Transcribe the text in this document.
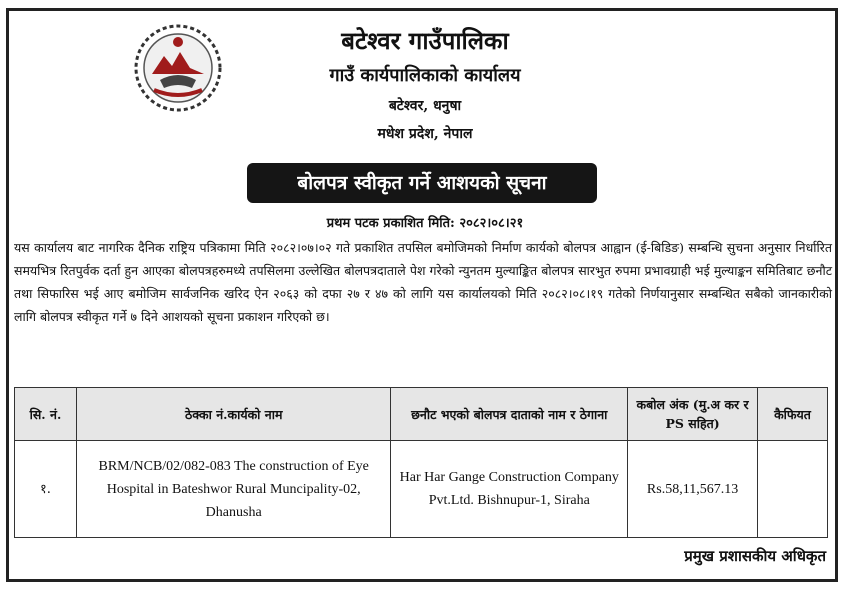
बटेश्वर गाउँपालिका
गाउँ कार्यपालिकाको कार्यालय
बटेश्वर, धनुषा
मधेश प्रदेश, नेपाल
बोलपत्र स्वीकृत गर्ने आशयको सूचना
प्रथम पटक प्रकाशित मिति: २०८२।०८।२१
यस कार्यालय बाट नागरिक दैनिक राष्ट्रिय पत्रिकामा मिति २०८२।०७।०२ गते प्रकाशित तपसिल बमोजिमको निर्माण कार्यको बोलपत्र आह्वान (ई-बिडिङ) सम्बन्धि सुचना अनुसार निर्धारित समयभित्र रितपुर्वक दर्ता हुन आएका बोलपत्रहरुमध्ये तपसिलमा उल्लेखित बोलपत्रदाताले पेश गरेको न्युनतम मुल्याङ्कित बोलपत्र सारभुत रुपमा प्रभावग्राही भई मुल्याङ्कन समितिबाट छनौट तथा सिफारिस भई आए बमोजिम सार्वजनिक खरिद ऐन २०६३ को दफा २७ र ४७ को लागि यस कार्यालयको मिति २०८२।०८।१९ गतेको निर्णयानुसार सम्बन्धित सबैको जानकारीको लागि बोलपत्र स्वीकृत गर्ने ७ दिने आशयको सूचना प्रकाशन गरिएको छ।
सि. नं.	ठेक्का नं.कार्यको नाम	छनौट भएको बोलपत्र दाताको नाम र ठेगाना	कबोल अंक (मु.अ कर र PS सहित)	कैफियत
१.	BRM/NCB/02/082-083 The construction of Eye Hospital in Bateshwor Rural Muncipality-02, Dhanusha	Har Har Gange Construction Company Pvt.Ltd. Bishnupur-1, Siraha	Rs.58,11,567.13	
प्रमुख प्रशासकीय अधिकृत
